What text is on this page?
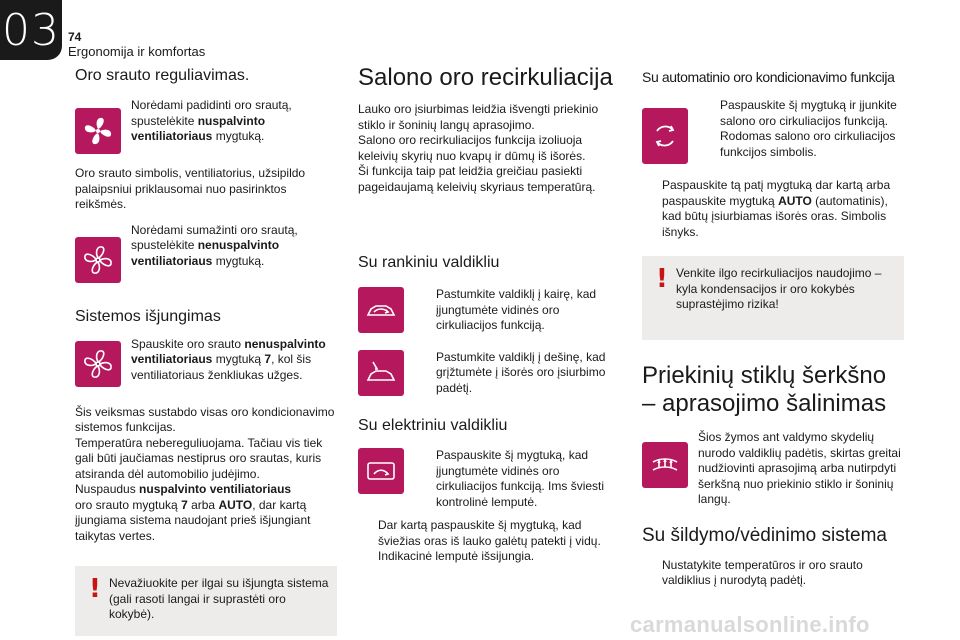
03 74
Ergonomija ir komfortas
Oro srauto reguliavimas.
Norėdami padidinti oro srautą, spustelėkite nuspalvinto ventiliatoriaus mygtuką.

Oro srauto simbolis, ventiliatorius, užsipildo palaipsniui priklausomai nuo pasirinktos reikšmės.

Norėdami sumažinti oro srautą, spustelėkite nenuspalvinto ventiliatoriaus mygtuką.
Sistemos išjungimas
Spauskite oro srauto nenuspalvinto ventiliatoriaus mygtuką 7, kol šis ventiliatoriaus ženkliukas užges.

Šis veiksmas sustabdo visas oro kondicionavimo sistemos funkcijas.

Temperatūra nebereguliuojama. Tačiau vis tiek gali būti jaučiamas nestiprus oro srautas, kuris atsiranda dėl automobilio judėjimo.

Nuspaudus nuspalvinto ventiliatoriaus
oro srauto mygtuką 7 arba AUTO, dar kartą įjungiama sistema naudojant prieš išjungiant taikytas vertes.

! Nevažiuokite per ilgai su išjungta sistema (gali rasoti langai ir suprastėti oro kokybė).
Salono oro recirkuliacija

Lauko oro įsiurbimas leidžia išvengti priekinio stiklo ir šoninių langų aprasojimo.

Salono oro recirkuliacijos funkcija izoliuoja keleivių skyrių nuo kvapų ir dūmų iš išorės.

Ši funkcija taip pat leidžia greičiau pasiekti pageidaujamą keleivių skyriaus temperatūrą.

Su rankiniu valdikliu
Pastumkite valdiklį į kairę, kad įjungtumėte vidinės oro cirkuliacijos funkciją.
Pastumkite valdiklį į dešinę, kad grįžtumėte į išorės oro įsiurbimo padėtį.
Su elektriniu valdikliu
Paspauskite šį mygtuką, kad įjungtumėte vidinės oro cirkuliacijos funkciją. Ims šviesti kontrolinė lemputė.
Dar kartą paspauskite šį mygtuką, kad šviežias oras iš lauko galėtų patekti į vidų. Indikacinė lemputė išsijungia.
Su automatinio oro kondicionavimo funkcija
Paspauskite šį mygtuką ir įjunkite salono oro cirkuliacijos funkciją. Rodomas salono oro cirkuliacijos funkcijos simbolis.
Paspauskite tą patį mygtuką dar kartą arba paspauskite mygtuką AUTO (automatinis), kad būtų įsiurbiamas išorės oras. Simbolis išnyks.
! Venkite ilgo recirkuliacijos naudojimo – kyla kondensacijos ir oro kokybės suprastėjimo rizika!
Priekinių stiklų šerkšno – aprasojimo šalinimas
Šios žymos ant valdymo skydelių nurodo valdiklių padėtis, skirtas greitai nudžiovinti aprasojimą arba nutirpdyti šerkšną nuo priekinio stiklo ir šoninių langų.
Su šildymo/vėdinimo sistema
Nustatykite temperatūros ir oro srauto valdiklius į nurodytą padėtį.
carmanualsonline.info
